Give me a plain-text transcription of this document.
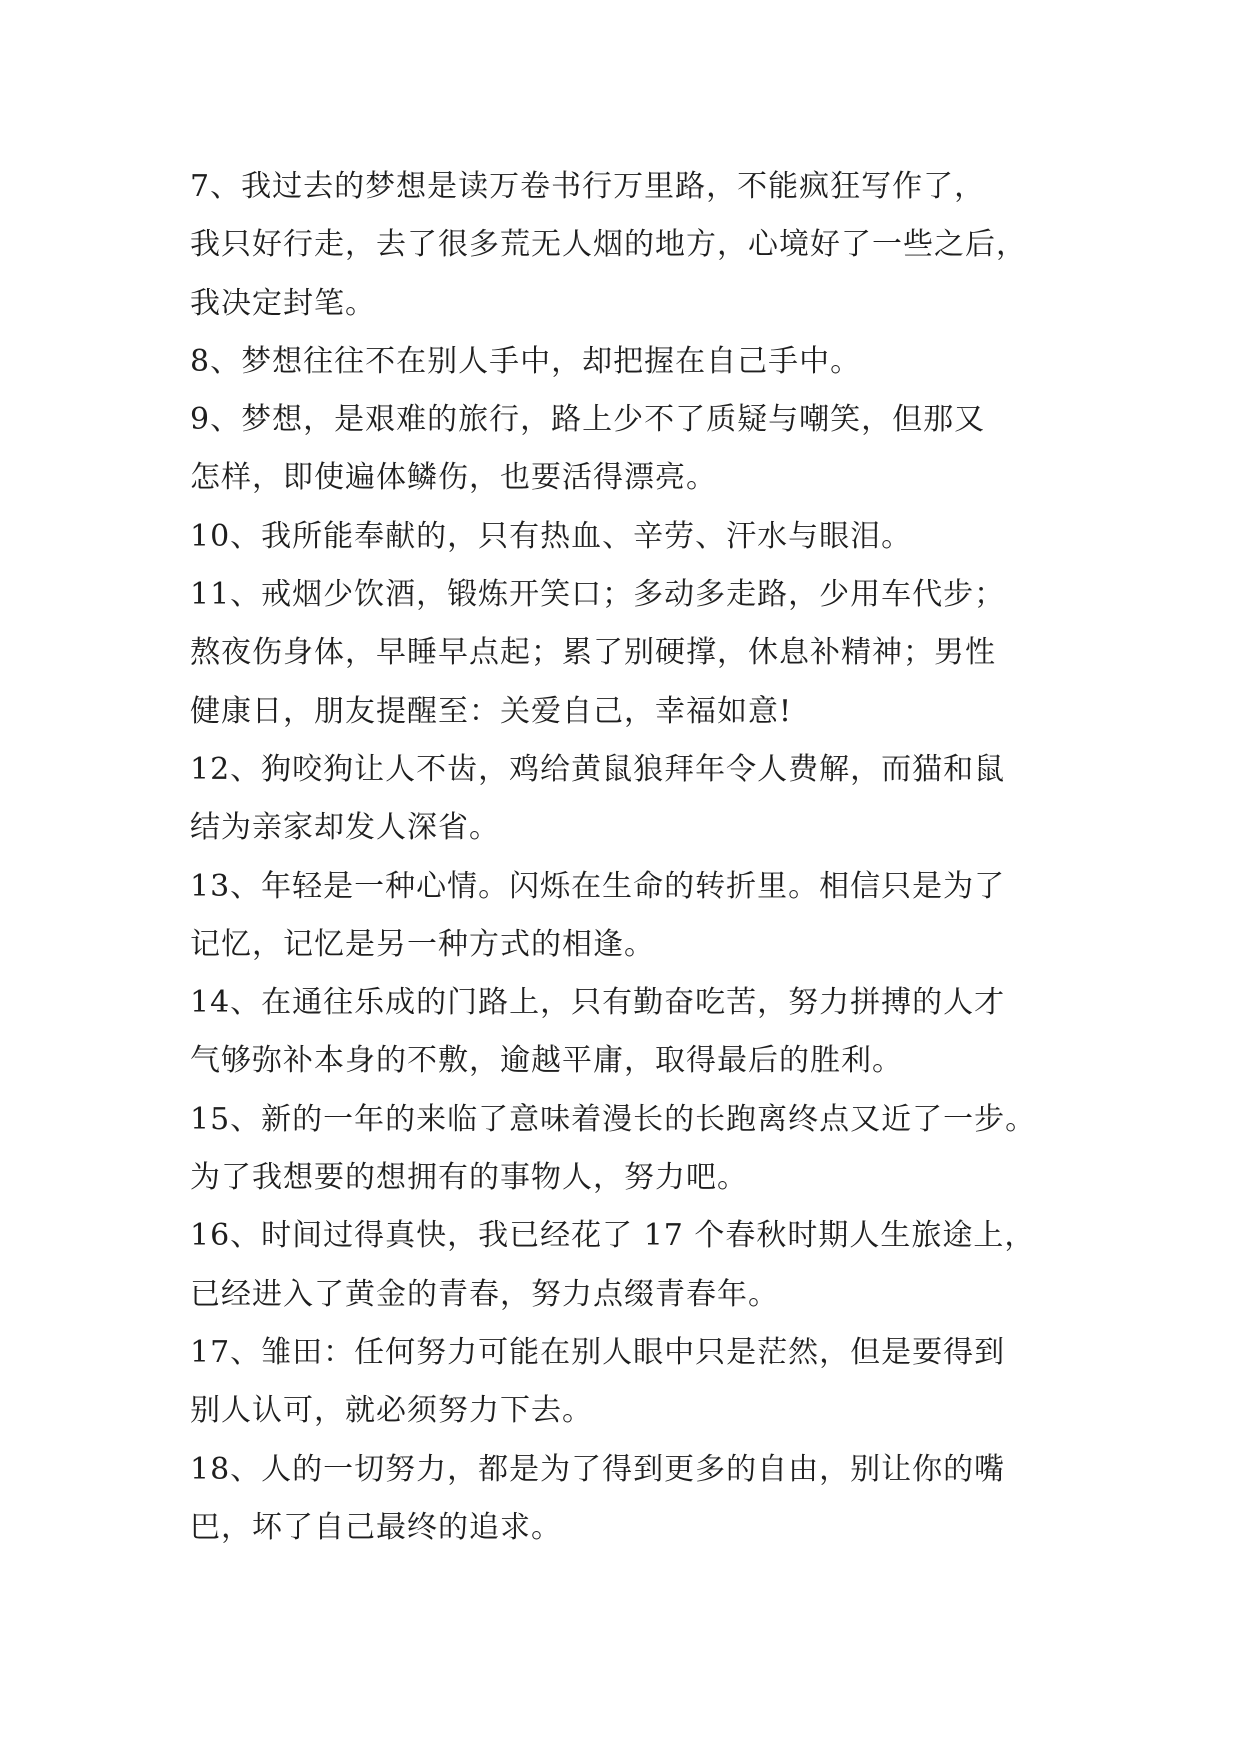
7、我过去的梦想是读万卷书行万里路，不能疯狂写作了，
我只好行走，去了很多荒无人烟的地方，心境好了一些之后，
我决定封笔。
8、梦想往往不在别人手中，却把握在自己手中。
9、梦想，是艰难的旅行，路上少不了质疑与嘲笑，但那又
怎样，即使遍体鳞伤，也要活得漂亮。
10、我所能奉献的，只有热血、辛劳、汗水与眼泪。
11、戒烟少饮酒，锻炼开笑口；多动多走路，少用车代步；
熬夜伤身体，早睡早点起；累了别硬撑，休息补精神；男性
健康日，朋友提醒至：关爱自己，幸福如意!
12、狗咬狗让人不齿，鸡给黄鼠狼拜年令人费解，而猫和鼠
结为亲家却发人深省。
13、年轻是一种心情。闪烁在生命的转折里。相信只是为了
记忆，记忆是另一种方式的相逢。
14、在通往乐成的门路上，只有勤奋吃苦，努力拼搏的人才
气够弥补本身的不敷，逾越平庸，取得最后的胜利。
15、新的一年的来临了意味着漫长的长跑离终点又近了一步。
为了我想要的想拥有的事物人，努力吧。
16、时间过得真快，我已经花了 17 个春秋时期人生旅途上，
已经进入了黄金的青春，努力点缀青春年。
17、雏田：任何努力可能在别人眼中只是茫然，但是要得到
别人认可，就必须努力下去。
18、人的一切努力，都是为了得到更多的自由，别让你的嘴
巴，坏了自己最终的追求。
